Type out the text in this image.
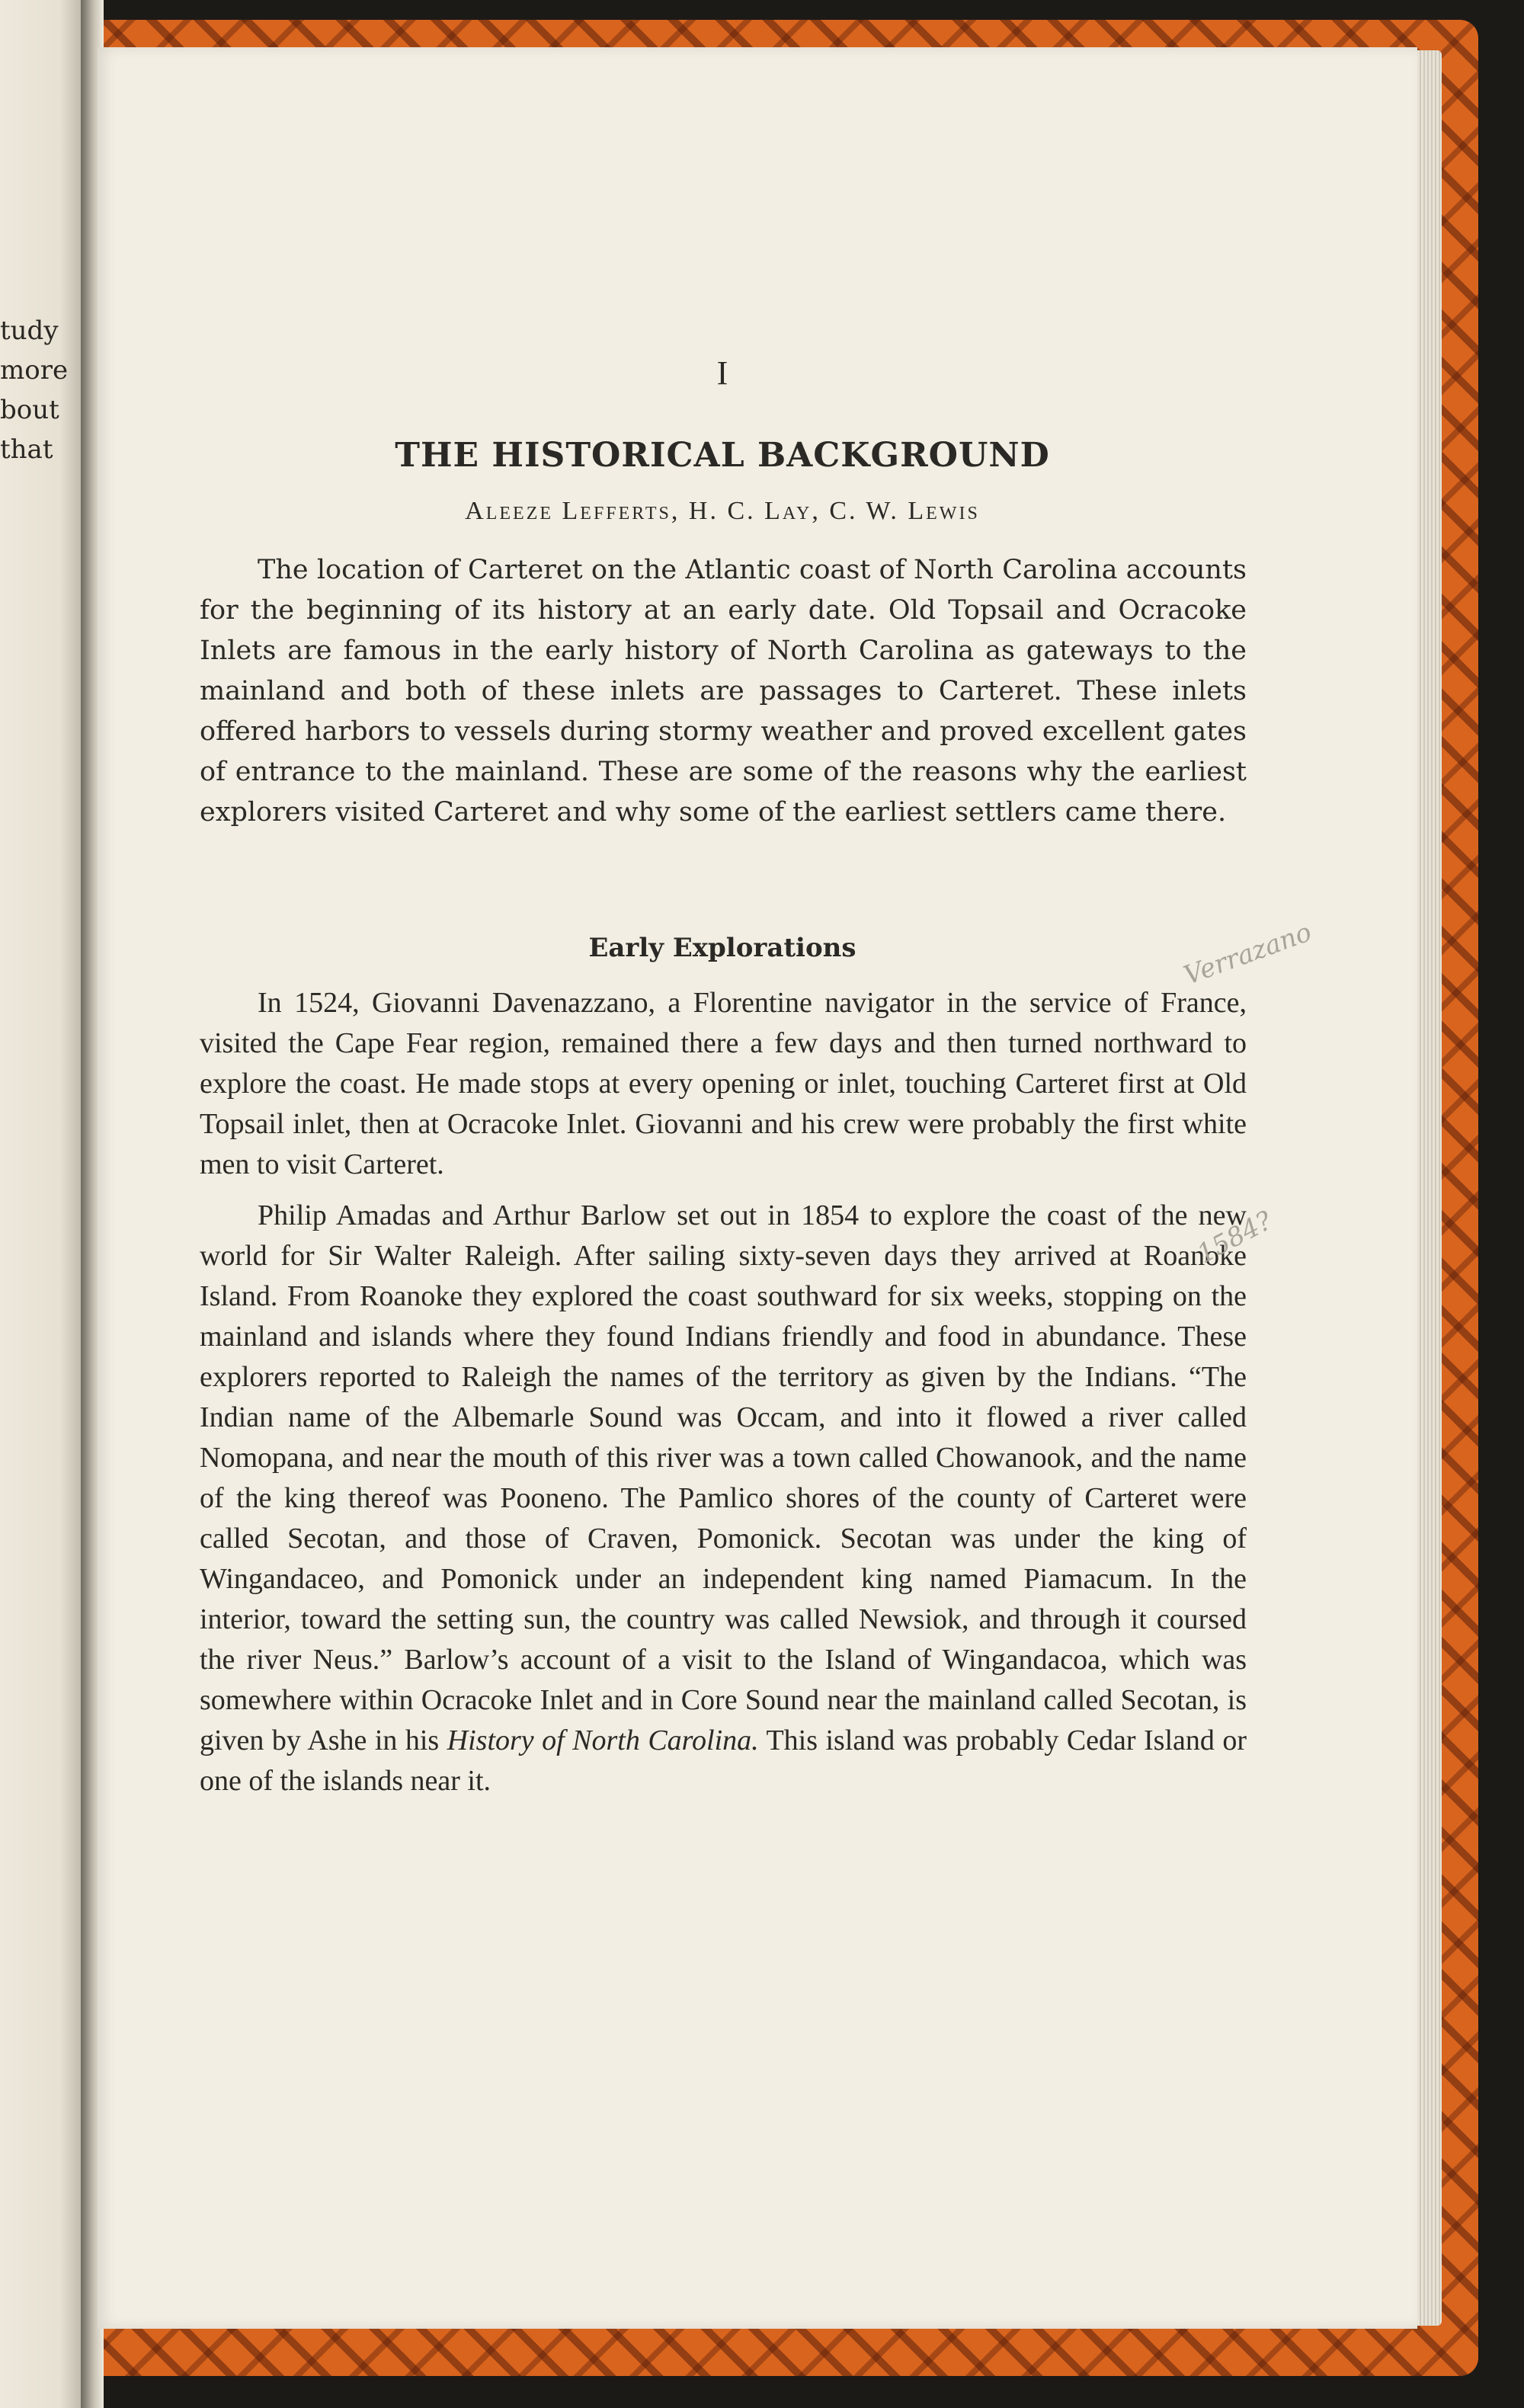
tudy
more
bout
that
I
THE HISTORICAL BACKGROUND
Aleeze Lefferts, H. C. Lay, C. W. Lewis

The location of Carteret on the Atlantic coast of North Carolina accounts for the beginning of its history at an early date. Old Topsail and Ocracoke Inlets are famous in the early history of North Carolina as gateways to the mainland and both of these inlets are passages to Carteret. These inlets offered harbors to vessels during stormy weather and proved excellent gates of entrance to the mainland. These are some of the reasons why the earliest explorers visited Carteret and why some of the earliest settlers came there.

Early Explorations

In 1524, Giovanni Davenazzano, a Florentine navigator in the service of France, visited the Cape Fear region, remained there a few days and then turned northward to explore the coast. He made stops at every opening or inlet, touching Carteret first at Old Topsail inlet, then at Ocracoke Inlet. Giovanni and his crew were probably the first white men to visit Carteret.

Philip Amadas and Arthur Barlow set out in 1854 to explore the coast of the new world for Sir Walter Raleigh. After sailing sixty-seven days they arrived at Roanoke Island. From Roanoke they explored the coast southward for six weeks, stopping on the mainland and islands where they found Indians friendly and food in abundance. These explorers reported to Raleigh the names of the territory as given by the Indians. “The Indian name of the Albemarle Sound was Occam, and into it flowed a river called Nomopana, and near the mouth of this river was a town called Chowanook, and the name of the king thereof was Pooneno. The Pamlico shores of the county of Carteret were called Secotan, and those of Craven, Pomonick. Secotan was under the king of Wingandaceo, and Pomonick under an independent king named Piamacum. In the interior, toward the setting sun, the country was called Newsiok, and through it coursed the river Neus.” Barlow’s account of a visit to the Island of Wingandacoa, which was somewhere within Ocracoke Inlet and in Core Sound near the mainland called Secotan, is given by Ashe in his History of North Carolina. This island was probably Cedar Island or one of the islands near it.

Verrazano
1584?
